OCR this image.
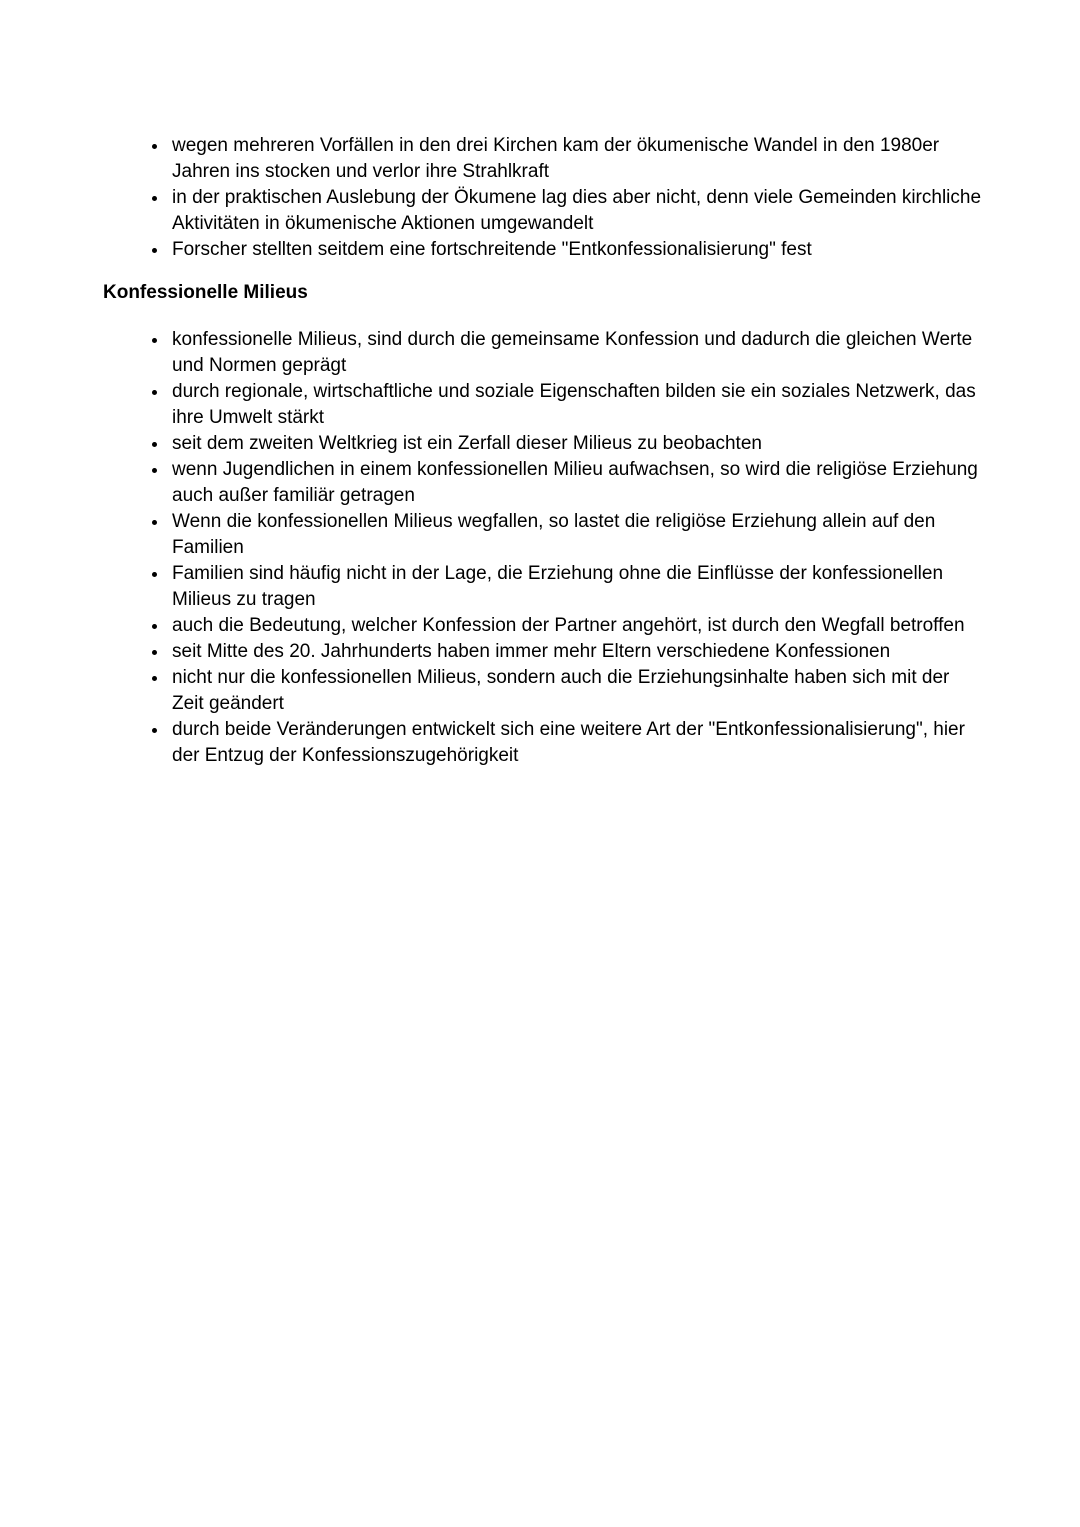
• wegen mehreren Vorfällen in den drei Kirchen kam der ökumenische Wandel in den 1980er Jahren ins stocken und verlor ihre Strahlkraft
• in der praktischen Auslebung der Ökumene lag dies aber nicht, denn viele Gemeinden kirchliche Aktivitäten in ökumenische Aktionen umgewandelt
• Forscher stellten seitdem eine fortschreitende "Entkonfessionalisierung" fest
Konfessionelle Milieus
• konfessionelle Milieus, sind durch die gemeinsame Konfession und dadurch die gleichen Werte und Normen geprägt
• durch regionale, wirtschaftliche und soziale Eigenschaften bilden sie ein soziales Netzwerk, das ihre Umwelt stärkt
• seit dem zweiten Weltkrieg ist ein Zerfall dieser Milieus zu beobachten
• wenn Jugendlichen in einem konfessionellen Milieu aufwachsen, so wird die religiöse Erziehung auch außer familiär getragen
• Wenn die konfessionellen Milieus wegfallen, so lastet die religiöse Erziehung allein auf den Familien
• Familien sind häufig nicht in der Lage, die Erziehung ohne die Einflüsse der konfessionellen Milieus zu tragen
• auch die Bedeutung, welcher Konfession der Partner angehört, ist durch den Wegfall betroffen
• seit Mitte des 20. Jahrhunderts haben immer mehr Eltern verschiedene Konfessionen
• nicht nur die konfessionellen Milieus, sondern auch die Erziehungsinhalte haben sich mit der Zeit geändert
• durch beide Veränderungen entwickelt sich eine weitere Art der "Entkonfessionalisierung", hier der Entzug der Konfessionszugehörigkeit
